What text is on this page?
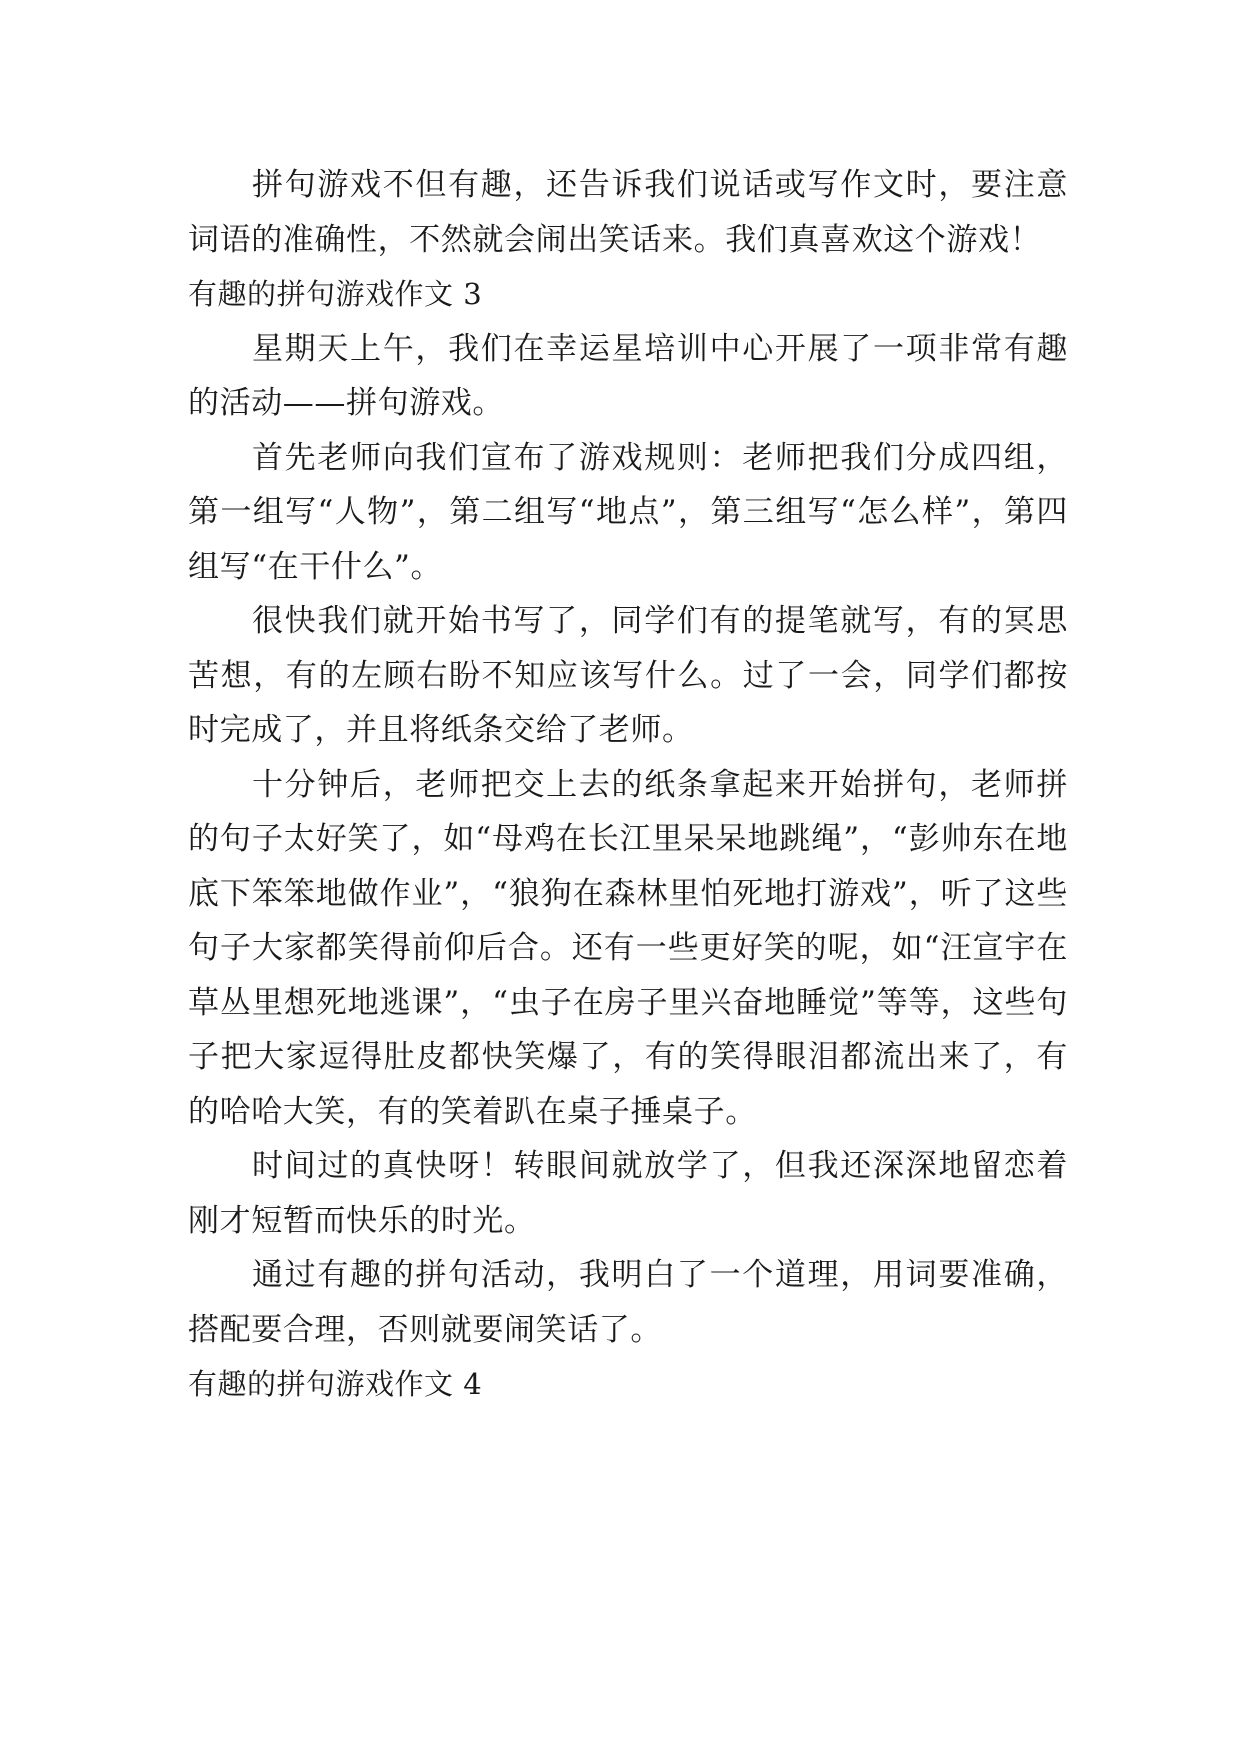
拼句游戏不但有趣，还告诉我们说话或写作文时，要注意词语的准确性，不然就会闹出笑话来。我们真喜欢这个游戏！

有趣的拼句游戏作文 3

星期天上午，我们在幸运星培训中心开展了一项非常有趣的活动——拼句游戏。

首先老师向我们宣布了游戏规则：老师把我们分成四组，第一组写“人物”，第二组写“地点”，第三组写“怎么样”，第四组写“在干什么”。

很快我们就开始书写了，同学们有的提笔就写，有的冥思苦想，有的左顾右盼不知应该写什么。过了一会，同学们都按时完成了，并且将纸条交给了老师。

十分钟后，老师把交上去的纸条拿起来开始拼句，老师拼的句子太好笑了，如“母鸡在长江里呆呆地跳绳”，“彭帅东在地底下笨笨地做作业”，“狼狗在森林里怕死地打游戏”，听了这些句子大家都笑得前仰后合。还有一些更好笑的呢，如“汪宣宇在草丛里想死地逃课”，“虫子在房子里兴奋地睡觉”等等，这些句子把大家逗得肚皮都快笑爆了，有的笑得眼泪都流出来了，有的哈哈大笑，有的笑着趴在桌子捶桌子。

时间过的真快呀！转眼间就放学了，但我还深深地留恋着刚才短暂而快乐的时光。

通过有趣的拼句活动，我明白了一个道理，用词要准确，搭配要合理，否则就要闹笑话了。

有趣的拼句游戏作文 4
